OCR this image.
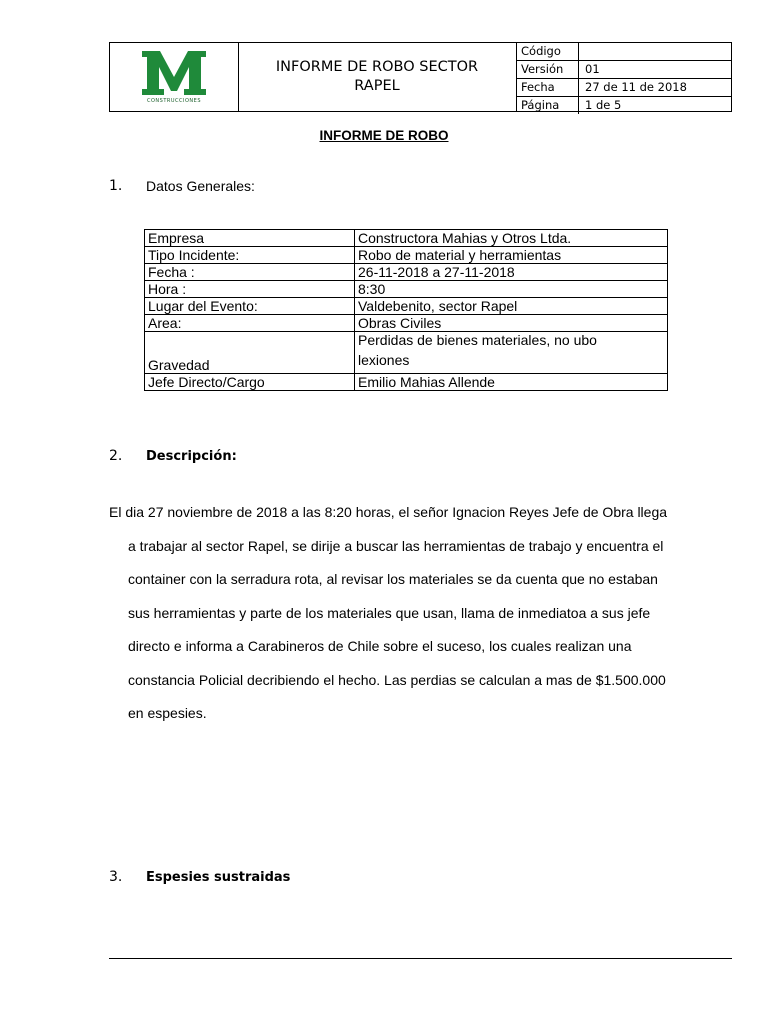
CONSTRUCCIONES
INFORME DE ROBO SECTOR
RAPEL
Código
Versión	01
Fecha	27 de 11 de 2018
Página	1 de 5
INFORME DE ROBO
1. Datos Generales:
Empresa	Constructora Mahias y Otros Ltda.
Tipo Incidente:	Robo de material y herramientas
Fecha :	26-11-2018 a 27-11-2018
Hora :	8:30
Lugar del Evento:	Valdebenito, sector Rapel
Area:	Obras Civiles
Gravedad	Perdidas de bienes materiales, no ubo
lexiones

Jefe Directo/Cargo	Emilio Mahias Allende
2. Descripción:

El dia 27 noviembre de 2018 a las 8:20 horas, el señor Ignacion Reyes Jefe de Obra llega a trabajar al sector Rapel, se dirije a buscar las herramientas de trabajo y encuentra el container con la serradura rota, al revisar los materiales se da cuenta que no estaban sus herramientas y parte de los materiales que usan, llama de inmediatoa a sus jefe directo e informa a Carabineros de Chile sobre el suceso, los cuales realizan una constancia Policial decribiendo el hecho. Las perdias se calculan a mas de $1.500.000 en espesies.

3. Espesies sustraidas
